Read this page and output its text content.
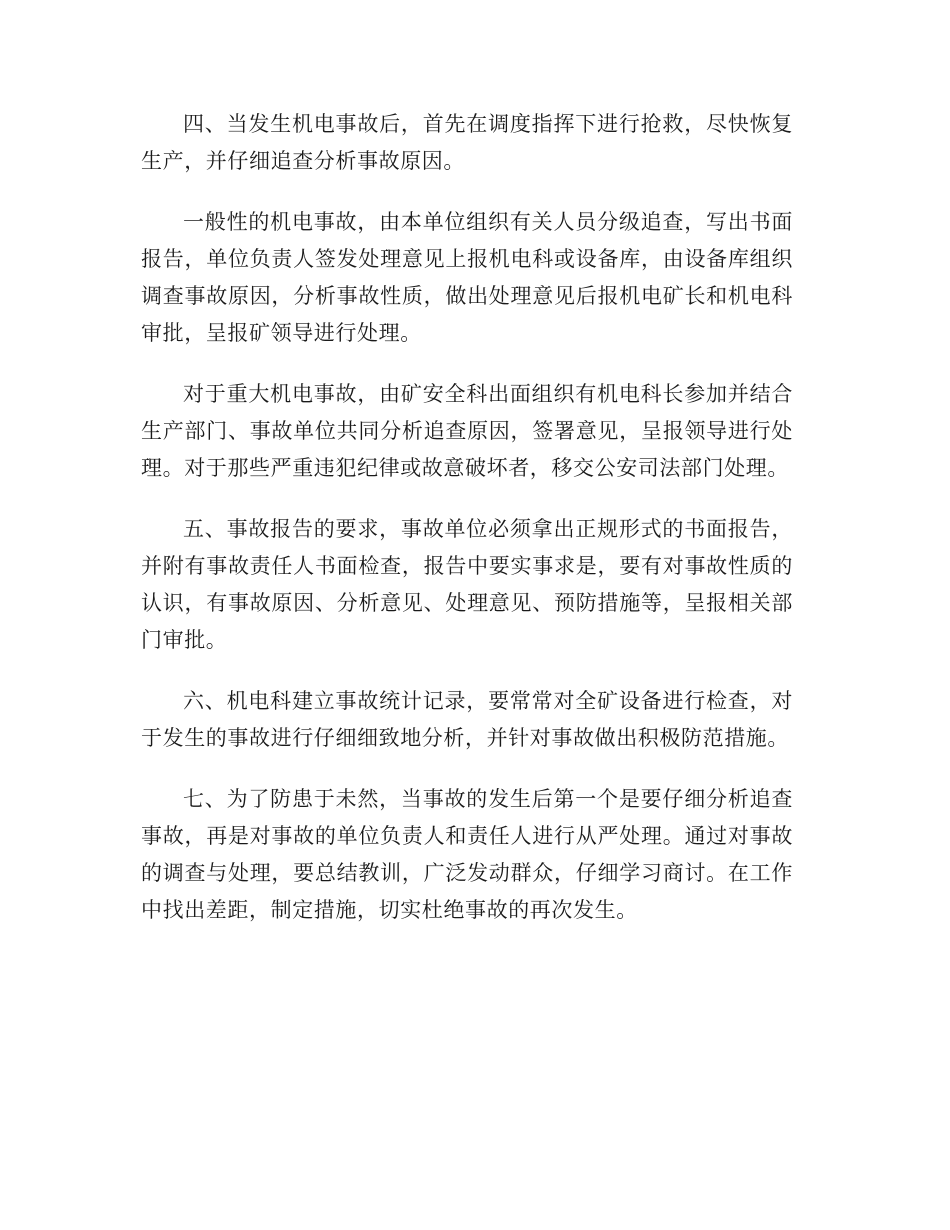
四、当发生机电事故后，首先在调度指挥下进行抢救，尽快恢复生产，并仔细追查分析事故原因。

一般性的机电事故，由本单位组织有关人员分级追查，写出书面报告，单位负责人签发处理意见上报机电科或设备库，由设备库组织调查事故原因，分析事故性质，做出处理意见后报机电矿长和机电科审批，呈报矿领导进行处理。

对于重大机电事故，由矿安全科出面组织有机电科长参加并结合生产部门、事故单位共同分析追查原因，签署意见，呈报领导进行处理。对于那些严重违犯纪律或故意破坏者，移交公安司法部门处理。

五、事故报告的要求，事故单位必须拿出正规形式的书面报告，并附有事故责任人书面检查，报告中要实事求是，要有对事故性质的认识，有事故原因、分析意见、处理意见、预防措施等，呈报相关部门审批。

六、机电科建立事故统计记录，要常常对全矿设备进行检查，对于发生的事故进行仔细细致地分析，并针对事故做出积极防范措施。

七、为了防患于未然，当事故的发生后第一个是要仔细分析追查事故，再是对事故的单位负责人和责任人进行从严处理。通过对事故的调查与处理，要总结教训，广泛发动群众，仔细学习商讨。在工作中找出差距，制定措施，切实杜绝事故的再次发生。
